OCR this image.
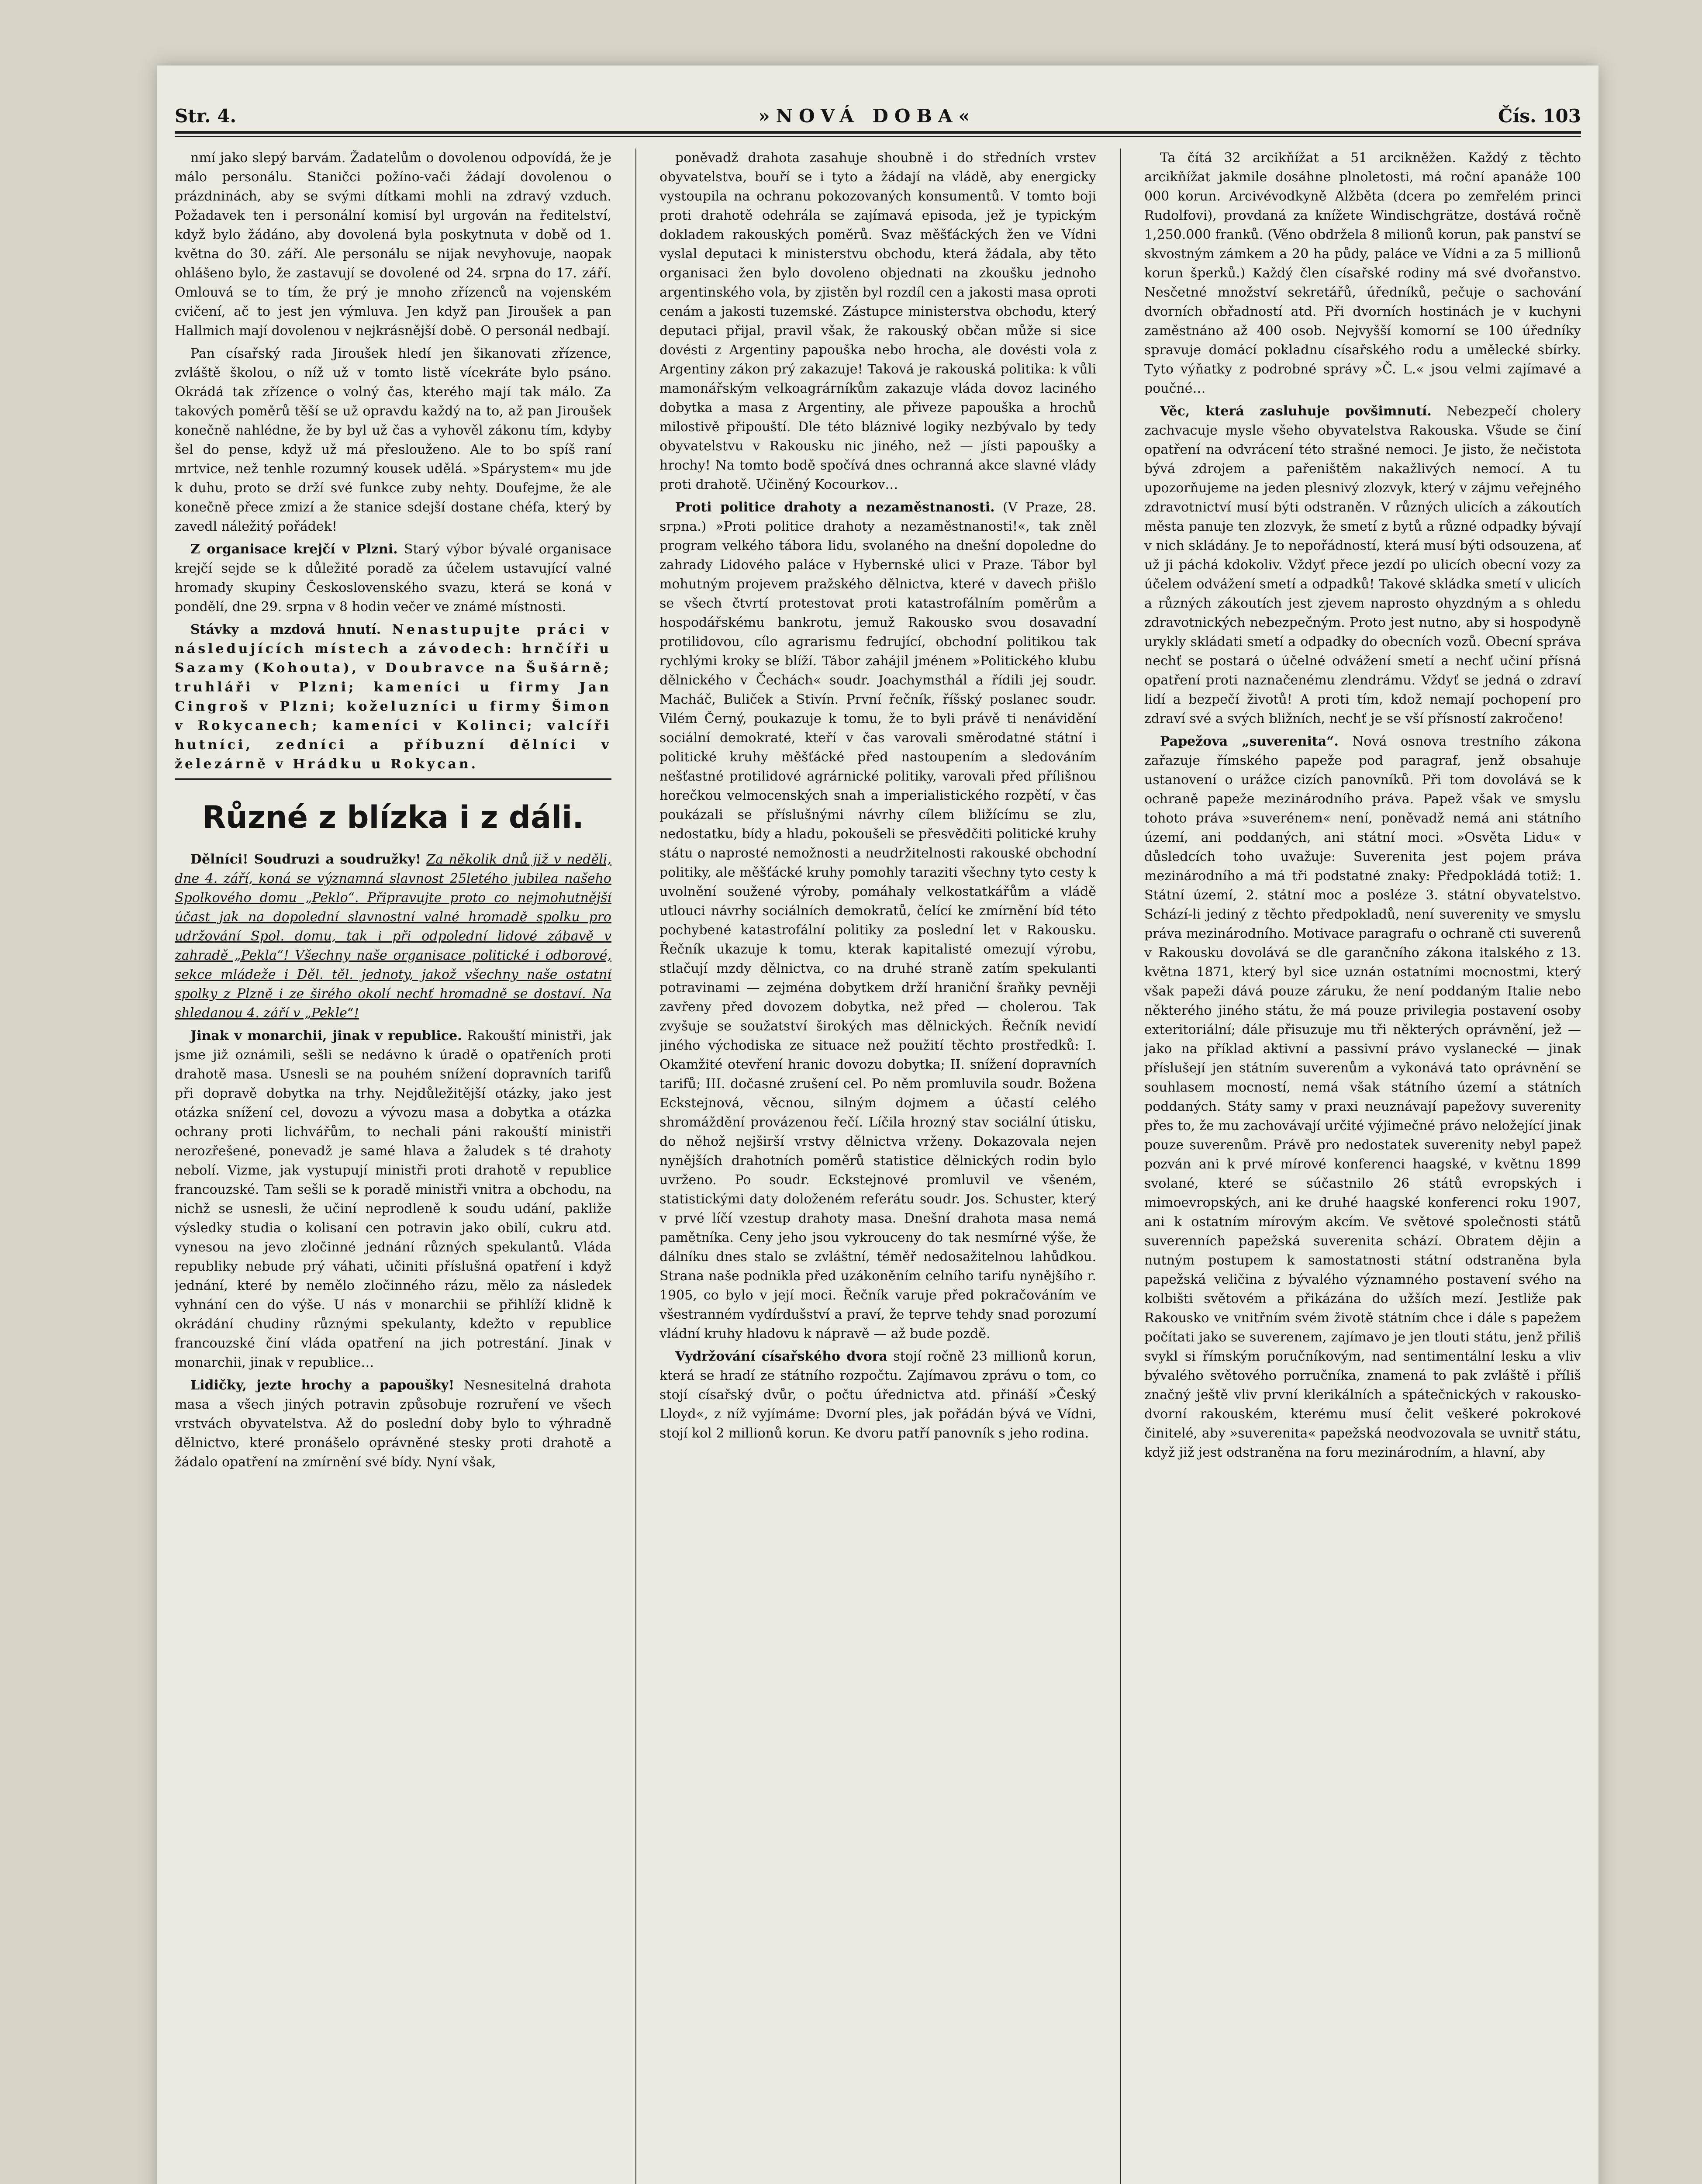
Str. 4.	»NOVÁ DOBA«	Čís. 103

nmí jako slepý barvám. Žadatelům o dovolenou odpovídá, že je málo personálu. Staničci požíno-vači žádají dovolenou o prázdninách, aby se svými dítkami mohli na zdravý vzduch. Požadavek ten i personální komisí byl urgován na ředitelství, když bylo žádáno, aby dovolená byla poskytnuta v době od 1. května do 30. září. Ale personálu se nijak nevyhovuje, naopak ohlášeno bylo, že zastavují se dovolené od 24. srpna do 17. září. Omlouvá se to tím, že prý je mnoho zřízenců na vojenském cvičení, ač to jest jen výmluva. Jen když pan Jiroušek a pan Hallmich mají dovolenou v nejkrásnější době. O personál nedbají.

Pan císařský rada Jiroušek hledí jen šikanovati zřízence, zvláště školou, o níž už v tomto listě vícekráte bylo psáno. Okrádá tak zřízence o volný čas, kterého mají tak málo. Za takových poměrů těší se už opravdu každý na to, až pan Jiroušek konečně nahlédne, že by byl už čas a vyhověl zákonu tím, kdyby šel do pense, když už má přeslouženo. Ale to bo spíš raní mrtvice, než tenhle rozumný kousek udělá. »Spárystem« mu jde k duhu, proto se drží své funkce zuby nehty. Doufejme, že ale konečně přece zmizí a že stanice sdejší dostane chéfa, který by zavedl náležitý pořádek!

Z organisace krejčí v Plzni. Starý výbor bývalé organisace krejčí sejde se k důležité poradě za účelem ustavující valné hromady skupiny Československého svazu, která se koná v pondělí, dne 29. srpna v 8 hodin večer ve známé místnosti.

Stávky a mzdová hnutí. Nenastupujte práci v následujících místech a závodech: hrnčíři u Sazamy (Kohouta), v Doubravce na Šušárně; truhláři v Plzni; kameníci u firmy Jan Cingroš v Plzni; koželuzníci u firmy Šimon v Rokycanech; kameníci v Kolinci; valcíři hutníci, zedníci a příbuzní dělníci v železárně v Hrádku u Rokycan.

Různé z blízka i z dáli.

Dělníci! Soudruzi a soudružky! Za několik dnů již v neděli, dne 4. září, koná se významná slavnost 25letého jubilea našeho Spolkového domu „Peklo“. Připravujte proto co nejmohutnější účast jak na dopolední slavnostní valné hromadě spolku pro udržování Spol. domu, tak i při odpolední lidové zábavě v zahradě „Pekla“! Všechny naše organisace politické i odborové, sekce mládeže i Děl. těl. jednoty, jakož všechny naše ostatní spolky z Plzně i ze širého okolí nechť hromadně se dostaví. Na shledanou 4. září v „Pekle“!

Jinak v monarchii, jinak v republice. Rakouští ministři, jak jsme již oznámili, sešli se nedávno k úradě o opatřeních proti drahotě masa. Usnesli se na pouhém snížení dopravních tarifů při dopravě dobytka na trhy. Nejdůležitější otázky, jako jest otázka snížení cel, dovozu a vývozu masa a dobytka a otázka ochrany proti lichvářům, to nechali páni rakouští ministři nerozřešené, ponevadž je samé hlava a žaludek s té drahoty nebolí. Vizme, jak vystupují ministři proti drahotě v republice francouzské. Tam sešli se k poradě ministři vnitra a obchodu, na nichž se usnesli, že učiní neprodleně k soudu udání, pakliže výsledky studia o kolisaní cen potravin jako obilí, cukru atd. vynesou na jevo zločinné jednání různých spekulantů. Vláda republiky nebude prý váhati, učiniti příslušná opatření i když jednání, které by nemělo zločinného rázu, mělo za následek vyhnání cen do výše. U nás v monarchii se přihlíží klidně k okrádání chudiny různými spekulanty, kdežto v republice francouzské činí vláda opatření na jich potrestání. Jinak v monarchii, jinak v republice…

Lidičky, jezte hrochy a papoušky! Nesnesitelná drahota masa a všech jiných potravin způsobuje rozruření ve všech vrstvách obyvatelstva. Až do poslední doby bylo to výhradně dělnictvo, které pronášelo oprávněné stesky proti drahotě a žádalo opatření na zmírnění své bídy. Nyní však,

poněvadž drahota zasahuje shoubně i do středních vrstev obyvatelstva, bouří se i tyto a žádají na vládě, aby energicky vystoupila na ochranu pokozovaných konsumentů. V tomto boji proti drahotě odehrála se zajímavá episoda, jež je typickým dokladem rakouských poměrů. Svaz měšťáckých žen ve Vídni vyslal deputaci k ministerstvu obchodu, která žádala, aby těto organisaci žen bylo dovoleno objednati na zkoušku jednoho argentinského vola, by zjistěn byl rozdíl cen a jakosti masa oproti cenám a jakosti tuzemské. Zástupce ministerstva obchodu, který deputaci přijal, pravil však, že rakouský občan může si sice dovésti z Argentiny papouška nebo hrocha, ale dovésti vola z Argentiny zákon prý zakazuje! Taková je rakouská politika: k vůli mamonářským velkoagrárníkům zakazuje vláda dovoz laciného dobytka a masa z Argentiny, ale přiveze papouška a hrochů milostivě připouští. Dle této bláznivé logiky nezbývalo by tedy obyvatelstvu v Rakousku nic jiného, než — jísti papoušky a hrochy! Na tomto bodě spočívá dnes ochranná akce slavné vlády proti drahotě. Učiněný Kocourkov…

Proti politice drahoty a nezaměstnanosti. (V Praze, 28. srpna.) »Proti politice drahoty a nezaměstnanosti!«, tak zněl program velkého tábora lidu, svolaného na dnešní dopoledne do zahrady Lidového paláce v Hybernské ulici v Praze. Tábor byl mohutným projevem pražského dělnictva, které v davech přišlo se všech čtvrtí protestovat proti katastrofálním poměrům a hospodářskému bankrotu, jemuž Rakousko svou dosavadní protilidovou, cílo agrarismu fedrující, obchodní politikou tak rychlými kroky se blíží. Tábor zahájil jménem »Politického klubu dělnického v Čechách« soudr. Joachymsthál a řídili jej soudr. Macháč, Buliček a Stivín. První řečník, říšský poslanec soudr. Vilém Černý, poukazuje k tomu, že to byli právě ti nenávidění sociální demokraté, kteří v čas varovali směrodatné státní i politické kruhy měšťácké před nastoupením a sledováním nešťastné protilidové agrárnické politiky, varovali před přílišnou horečkou velmocenských snah a imperialistického rozpětí, v čas poukázali se příslušnými návrhy cílem bližícímu se zlu, nedostatku, bídy a hladu, pokoušeli se přesvědčiti politické kruhy státu o naprosté nemožnosti a neudržitelnosti rakouské obchodní politiky, ale měšťácké kruhy pomohly taraziti všechny tyto cesty k uvolnění soužené výroby, pomáhaly velkostatkářům a vládě utlouci návrhy sociálních demokratů, čelící ke zmírnění bíd této pochybené katastrofální politiky za poslední let v Rakousku. Řečník ukazuje k tomu, kterak kapitalisté omezují výrobu, stlačují mzdy dělnictva, co na druhé straně zatím spekulanti potravinami — zejména dobytkem drží hraniční šraňky pevněji zavřeny před dovozem dobytka, než před — cholerou. Tak zvyšuje se soužatství širokých mas dělnických. Řečník nevidí jiného východiska ze situace než použití těchto prostředků: I. Okamžité otevření hranic dovozu dobytka; II. snížení dopravních tarifů; III. dočasné zrušení cel. Po něm promluvila soudr. Božena Eckstejnová, věcnou, silným dojmem a účastí celého shromáždění provázenou řečí. Líčila hrozný stav sociální útisku, do něhož nejširší vrstvy dělnictva vrženy. Dokazovala nejen nynějších drahotních poměrů statistice dělnických rodin bylo uvrženo. Po soudr. Eckstejnové promluvil ve všeném, statistickými daty doloženém referátu soudr. Jos. Schuster, který v prvé líčí vzestup drahoty masa. Dnešní drahota masa nemá pamětníka. Ceny jeho jsou vykrouceny do tak nesmírné výše, že dálníku dnes stalo se zvláštní, téměř nedosažitelnou lahůdkou. Strana naše podnikla před uzákoněním celního tarifu nynějšího r. 1905, co bylo v její moci. Řečník varuje před pokračováním ve všestranném vydírdušství a praví, že teprve tehdy snad porozumí vládní kruhy hladovu k nápravě — až bude pozdě.

Vydržování císařského dvora stojí ročně 23 millionů korun, která se hradí ze státního rozpočtu. Zajímavou zprávu o tom, co stojí císařský dvůr, o počtu úřednictva atd. přináší »Český Lloyd«, z níž vyjímáme: Dvorní ples, jak pořádán bývá ve Vídni, stojí kol 2 millionů korun. Ke dvoru patří panovník s jeho rodina.

Ta čítá 32 arcikňížat a 51 arcikněžen. Každý z těchto arcikňížat jakmile dosáhne plnoletosti, má roční apanáže 100 000 korun. Arcivévodkyně Alžběta (dcera po zemřelém princi Rudolfovi), provdaná za knížete Windischgrätze, dostává ročně 1,250.000 franků. (Věno obdržela 8 milionů korun, pak panství se skvostným zámkem a 20 ha půdy, paláce ve Vídni a za 5 millionů korun šperků.) Každý člen císařské rodiny má své dvořanstvo. Nesčetné množství sekretářů, úředníků, pečuje o sachování dvorních obřadností atd. Při dvorních hostinách je v kuchyni zaměstnáno až 400 osob. Nejvyšší komorní se 100 úředníky spravuje domácí pokladnu císařského rodu a umělecké sbírky. Tyto výňatky z podrobné správy »Č. L.« jsou velmi zajímavé a poučné…

Věc, která zasluhuje povšimnutí. Nebezpečí cholery zachvacuje mysle všeho obyvatelstva Rakouska. Všude se činí opatření na odvrácení této strašné nemoci. Je jisto, že nečistota bývá zdrojem a pařeništěm nakažlivých nemocí. A tu upozorňujeme na jeden plesnivý zlozvyk, který v zájmu veřejného zdravotnictví musí býti odstraněn. V různých ulicích a zákoutích města panuje ten zlozvyk, že smetí z bytů a různé odpadky bývají v nich skládány. Je to nepořádností, která musí býti odsouzena, ať už ji páchá kdokoliv. Vždyť přece jezdí po ulicích obecní vozy za účelem odvážení smetí a odpadků! Takové skládka smetí v ulicích a různých zákoutích jest zjevem naprosto ohyzdným a s ohledu zdravotnických nebezpečným. Proto jest nutno, aby si hospodyně urykly skládati smetí a odpadky do obecních vozů. Obecní správa nechť se postará o účelné odvážení smetí a nechť učiní přísná opatření proti naznačenému zlendrámu. Vždyť se jedná o zdraví lidí a bezpečí životů! A proti tím, kdož nemají pochopení pro zdraví své a svých bližních, nechť je se vší přísností zakročeno!

Papežova „suverenita“. Nová osnova trestního zákona zařazuje římského papeže pod paragraf, jenž obsahuje ustanovení o urážce cizích panovníků. Při tom dovolává se k ochraně papeže mezinárodního práva. Papež však ve smyslu tohoto práva »suverénem« není, poněvadž nemá ani státního území, ani poddaných, ani státní moci. »Osvěta Lidu« v důsledcích toho uvažuje: Suverenita jest pojem práva mezinárodního a má tři podstatné znaky: Předpokládá totiž: 1. Státní území, 2. státní moc a posléze 3. státní obyvatelstvo. Schází-li jediný z těchto předpokladů, není suverenity ve smyslu práva mezinárodního. Motivace paragrafu o ochraně cti suverenů v Rakousku dovolává se dle garančního zákona italského z 13. května 1871, který byl sice uznán ostatními mocnostmi, který však papeži dává pouze záruku, že není poddaným Italie nebo některého jiného státu, že má pouze privilegia postavení osoby exteritoriální; dále přisuzuje mu tři některých oprávnění, jež — jako na příklad aktivní a passivní právo vyslanecké — jinak příslušejí jen státním suverenům a vykonává tato oprávnění se souhlasem mocností, nemá však státního území a státních poddaných. Státy samy v praxi neuznávají papežovy suverenity přes to, že mu zachovávají určité výjimečné právo neložející jinak pouze suverenům. Právě pro nedostatek suverenity nebyl papež pozván ani k prvé mírové konferenci haagské, v květnu 1899 svolané, které se súčastnilo 26 států evropských i mimoevropských, ani ke druhé haagské konferenci roku 1907, ani k ostatním mírovým akcím. Ve světové společnosti států suverenních papežská suverenita schází. Obratem dějin a nutným postupem k samostatnosti státní odstraněna byla papežská veličina z bývalého významného postavení svého na kolbišti světovém a přikázána do užších mezí. Jestliže pak Rakousko ve vnitřním svém životě státním chce i dále s papežem počítati jako se suverenem, zajímavo je jen tlouti státu, jenž přiliš svykl si římským poručníkovým, nad sentimentální lesku a vliv bývalého světového porručníka, znamená to pak zvláště i příliš značný ještě vliv první klerikálních a spátečnických v rakousko-dvorní rakouském, kterému musí čelit veškeré pokrokové činitelé, aby »suverenita« papežská neodvozovala se uvnitř státu, když již jest odstraněna na foru mezinárodním, a hlavní, aby
